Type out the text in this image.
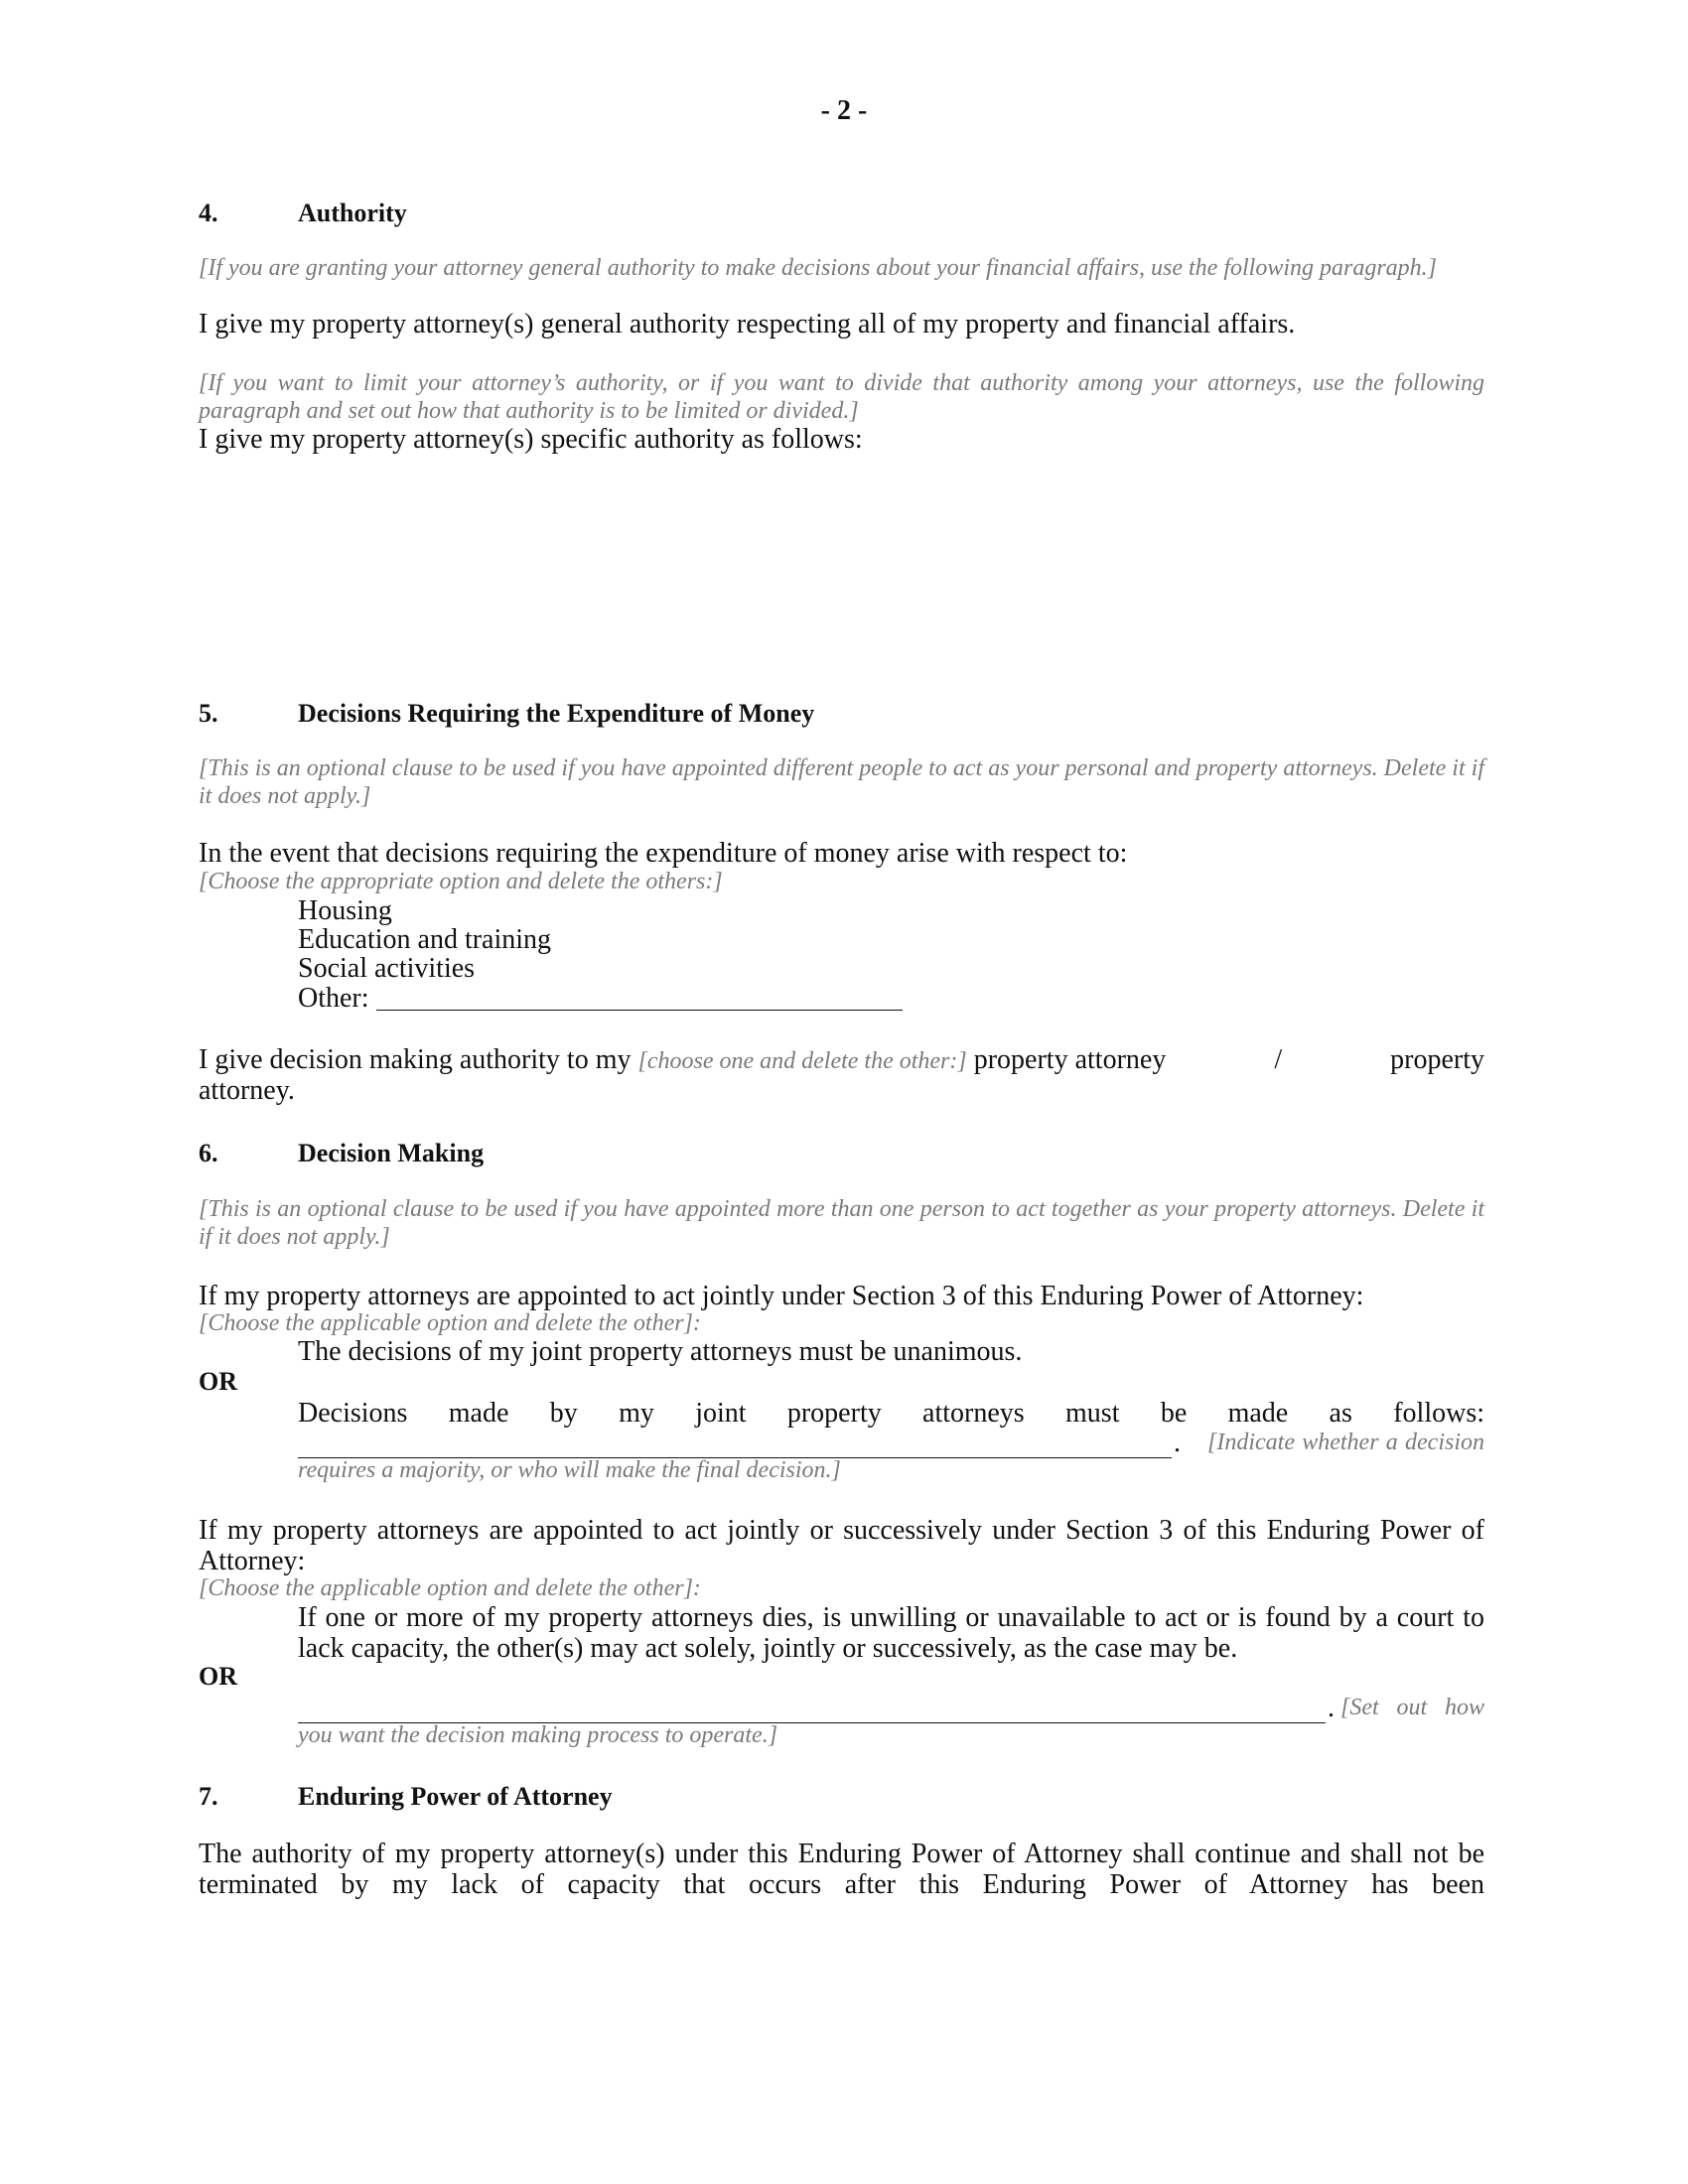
- 2 -
4.	Authority
[If you are granting your attorney general authority to make decisions about your financial affairs, use the following paragraph.]
I give my property attorney(s) general authority respecting all of my property and financial affairs.
[If you want to limit your attorney’s authority, or if you want to divide that authority among your attorneys, use the following paragraph and set out how that authority is to be limited or divided.]
I give my property attorney(s) specific authority as follows:
5.	Decisions Requiring the Expenditure of Money
[This is an optional clause to be used if you have appointed different people to act as your personal and property attorneys. Delete it if it does not apply.]
In the event that decisions requiring the expenditure of money arise with respect to:
[Choose the appropriate option and delete the others:]
Housing
Education and training
Social activities
Other:
I give decision making authority to my [choose one and delete the other:] property attorney	/	property
attorney.
6.	Decision Making
[This is an optional clause to be used if you have appointed more than one person to act together as your property attorneys. Delete it if it does not apply.]
If my property attorneys are appointed to act jointly under Section 3 of this Enduring Power of Attorney:
[Choose the applicable option and delete the other]:
The decisions of my joint property attorneys must be unanimous.
OR
Decisions made by my joint property attorneys must be made as follows:
.	[Indicate whether a decision requires a majority, or who will make the final decision.]
If my property attorneys are appointed to act jointly or successively under Section 3 of this Enduring Power of Attorney:
[Choose the applicable option and delete the other]:
If one or more of my property attorneys dies, is unwilling or unavailable to act or is found by a court to lack capacity, the other(s) may act solely, jointly or successively, as the case may be.
OR
. [Set out how you want the decision making process to operate.]
7.	Enduring Power of Attorney
The authority of my property attorney(s) under this Enduring Power of Attorney shall continue and shall not be terminated by my lack of capacity that occurs after this Enduring Power of Attorney has been
